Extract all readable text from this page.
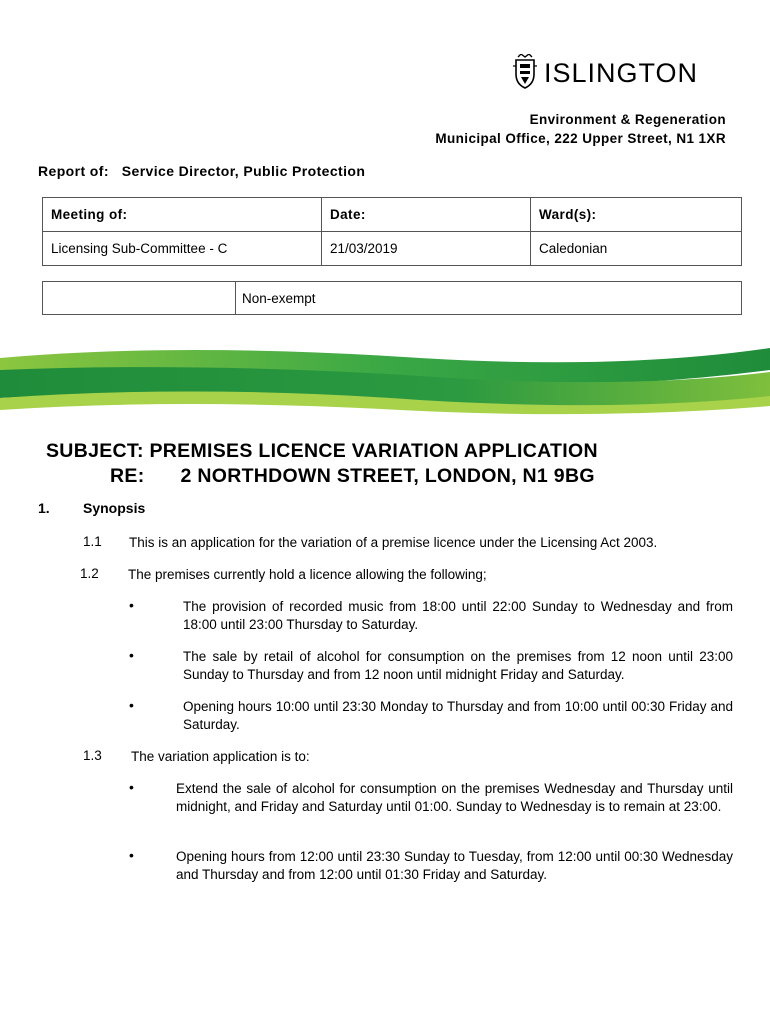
ISLINGTON
Environment & Regeneration
Municipal Office, 222 Upper Street, N1 1XR
Report of: Service Director, Public Protection
Meeting of:	Date:	Ward(s):
Licensing Sub-Committee - C	21/03/2019	Caledonian
	Non-exempt
SUBJECT: PREMISES LICENCE VARIATION APPLICATION
RE: 2 NORTHDOWN STREET, LONDON, N1 9BG
1. Synopsis
1.1 This is an application for the variation of a premise licence under the Licensing Act 2003.
1.2 The premises currently hold a licence allowing the following;
•	The provision of recorded music from 18:00 until 22:00 Sunday to Wednesday and from 18:00 until 23:00 Thursday to Saturday.
•	The sale by retail of alcohol for consumption on the premises from 12 noon until 23:00 Sunday to Thursday and from 12 noon until midnight Friday and Saturday.
•	Opening hours 10:00 until 23:30 Monday to Thursday and from 10:00 until 00:30 Friday and Saturday.
1.3 The variation application is to:
•	Extend the sale of alcohol for consumption on the premises Wednesday and Thursday until midnight, and Friday and Saturday until 01:00. Sunday to Wednesday is to remain at 23:00.
•	Opening hours from 12:00 until 23:30 Sunday to Tuesday, from 12:00 until 00:30 Wednesday and Thursday and from 12:00 until 01:30 Friday and Saturday.
